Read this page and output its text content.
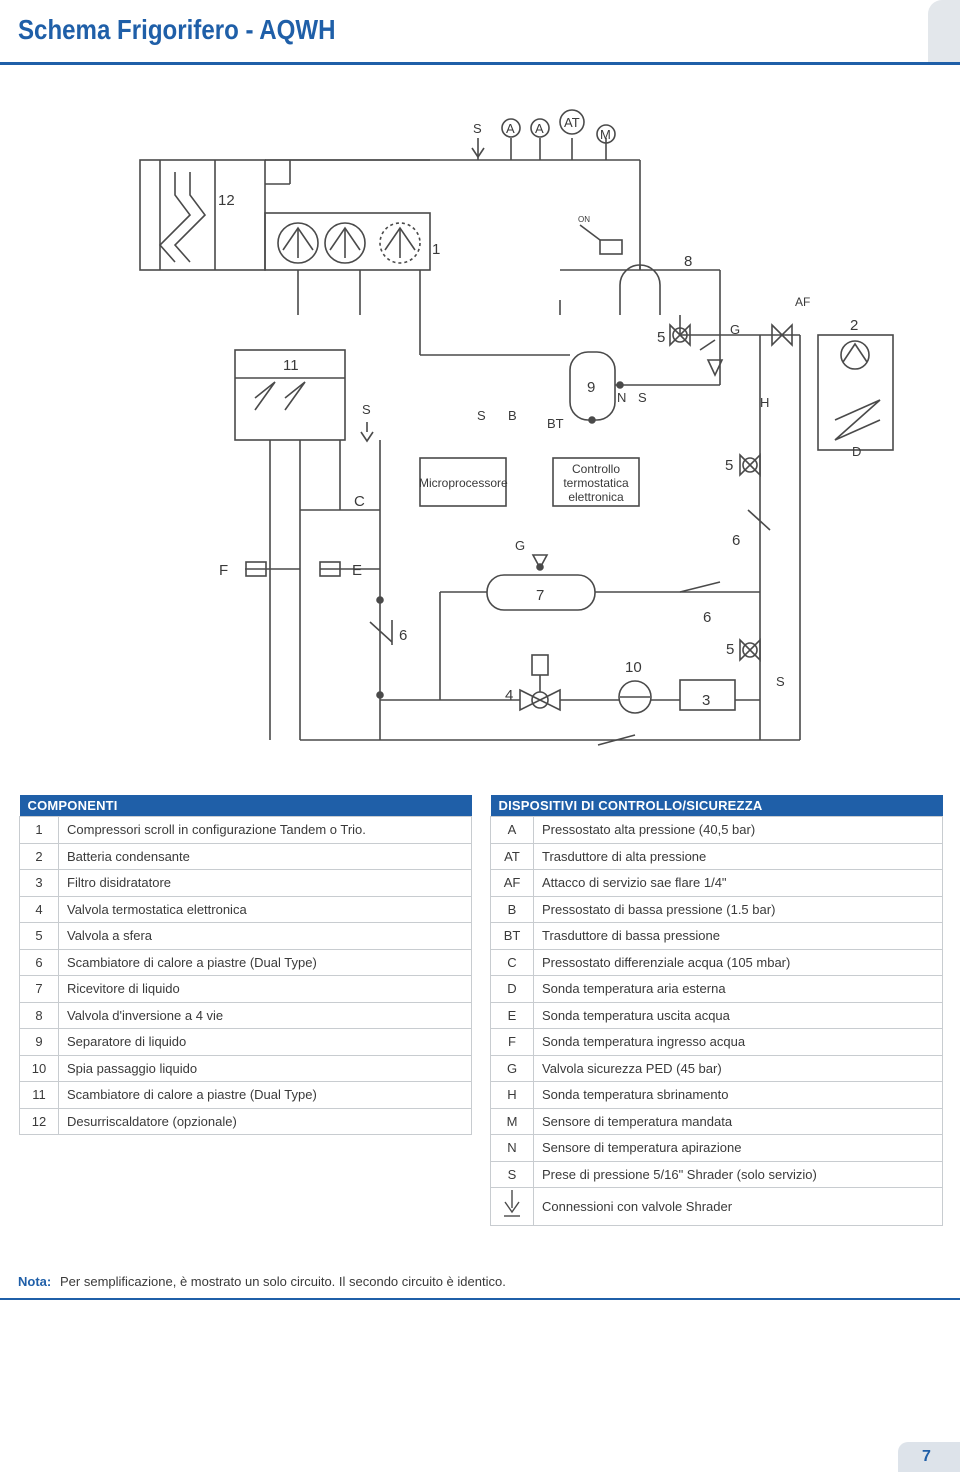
Schema Frigorifero - AQWH
S A A AT
M
ON
12
1
8
11
9
2
5
5
5
6
6
6
7
10
4	3
AF
G
G
H
D
S	S B
BT
N S
C
F	E
S
Microprocessore
Controllo
termostatica
elettronica
COMPONENTI	
1	Compressori scroll in configurazione Tandem o Trio.
2	Batteria condensante
3	Filtro disidratatore
4	Valvola termostatica elettronica
5	Valvola a sfera
6	Scambiatore di calore a piastre (Dual Type)
7	Ricevitore di liquido
8	Valvola d'inversione a 4 vie
9	Separatore di liquido
10	Spia passaggio liquido
11	Scambiatore di calore a piastre (Dual Type)
12	Desurriscaldatore (opzionale)
DISPOSITIVI DI CONTROLLO/SICUREZZA	
A	Pressostato alta pressione (40,5 bar)
AT	Trasduttore di alta pressione
AF	Attacco di servizio sae flare 1/4"
B	Pressostato di bassa pressione (1.5 bar)
BT	Trasduttore di bassa pressione
C	Pressostato differenziale acqua (105 mbar)
D	Sonda temperatura aria esterna
E	Sonda temperatura uscita acqua
F	Sonda temperatura ingresso acqua
G	Valvola sicurezza PED (45 bar)
H	Sonda temperatura sbrinamento
M	Sensore di temperatura mandata
N	Sensore di temperatura apirazione
S	Prese di pressione 5/16" Shrader (solo servizio)
	Connessioni con valvole Shrader
Nota: Per semplificazione, è mostrato un solo circuito. Il secondo circuito è identico.
7
